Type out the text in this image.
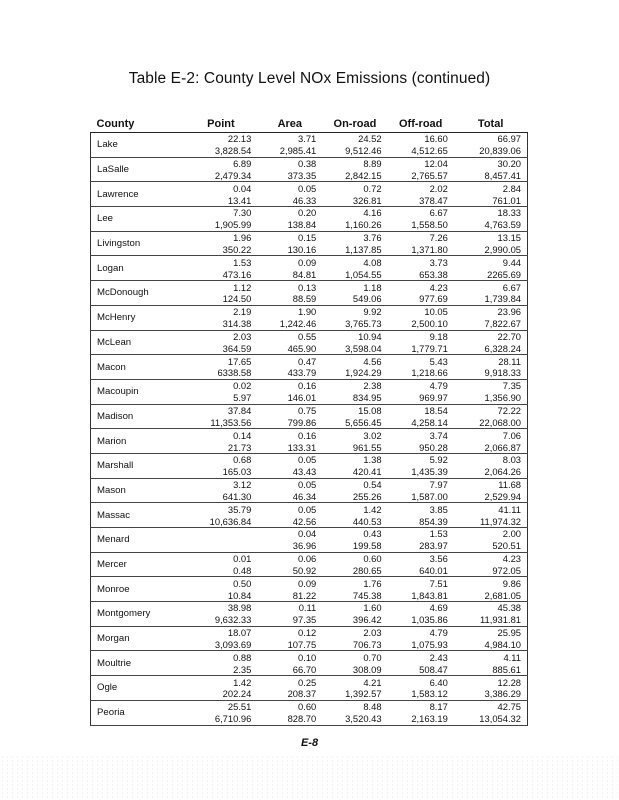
Table E-2: County Level NOx Emissions (continued)
County	Point	Area	On-road	Off-road	Total
Lake	22.13	3.71	24.52	16.60	66.97
	3,828.54	2,985.41	9,512.46	4,512.65	20,839.06
LaSalle	6.89	0.38	8.89	12.04	30.20
	2,479.34	373.35	2,842.15	2,765.57	8,457.41
Lawrence	0.04	0.05	0.72	2.02	2.84
	13.41	46.33	326.81	378.47	761.01
Lee	7.30	0.20	4.16	6.67	18.33
	1,905.99	138.84	1,160.26	1,558.50	4,763.59
Livingston	1.96	0.15	3.76	7.26	13.15
	350.22	130.16	1,137.85	1,371.80	2,990.05
Logan	1.53	0.09	4.08	3.73	9.44
	473.16	84.81	1,054.55	653.38	2265.69
McDonough	1.12	0.13	1.18	4.23	6.67
	124.50	88.59	549.06	977.69	1,739.84
McHenry	2.19	1.90	9.92	10.05	23.96
	314.38	1,242.46	3,765.73	2,500.10	7,822.67
McLean	2.03	0.55	10.94	9.18	22.70
	364.59	465.90	3,598.04	1,779.71	6,328.24
Macon	17.65	0.47	4.56	5.43	28.11
	6338.58	433.79	1,924.29	1,218.66	9,918.33
Macoupin	0.02	0.16	2.38	4.79	7.35
	5.97	146.01	834.95	969.97	1,356.90
Madison	37.84	0.75	15.08	18.54	72.22
	11,353.56	799.86	5,656.45	4,258.14	22,068.00
Marion	0.14	0.16	3.02	3.74	7.06
	21.73	133.31	961.55	950.28	2,066.87
Marshall	0.68	0.05	1.38	5.92	8.03
	165.03	43.43	420.41	1,435.39	2,064.26
Mason	3.12	0.05	0.54	7.97	11.68
	641.30	46.34	255.26	1,587.00	2,529.94
Massac	35.79	0.05	1.42	3.85	41.11
	10,636.84	42.56	440.53	854.39	11,974.32
Menard		0.04	0.43	1.53	2.00
		36.96	199.58	283.97	520.51
Mercer	0.01	0.06	0.60	3.56	4.23
	0.48	50.92	280.65	640.01	972.05
Monroe	0.50	0.09	1.76	7.51	9.86
	10.84	81.22	745.38	1,843.81	2,681.05
Montgomery	38.98	0.11	1.60	4.69	45.38
	9,632.33	97.35	396.42	1,035.86	11,931.81
Morgan	18.07	0.12	2.03	4.79	25.95
	3,093.69	107.75	706.73	1,075.93	4,984.10
Moultrie	0.88	0.10	0.70	2.43	4.11
	2.35	66.70	308.09	508.47	885.61
Ogle	1.42	0.25	4.21	6.40	12.28
	202.24	208.37	1,392.57	1,583.12	3,386.29
Peoria	25.51	0.60	8.48	8.17	42.75
	6,710.96	828.70	3,520.43	2,163.19	13,054.32
E-8
